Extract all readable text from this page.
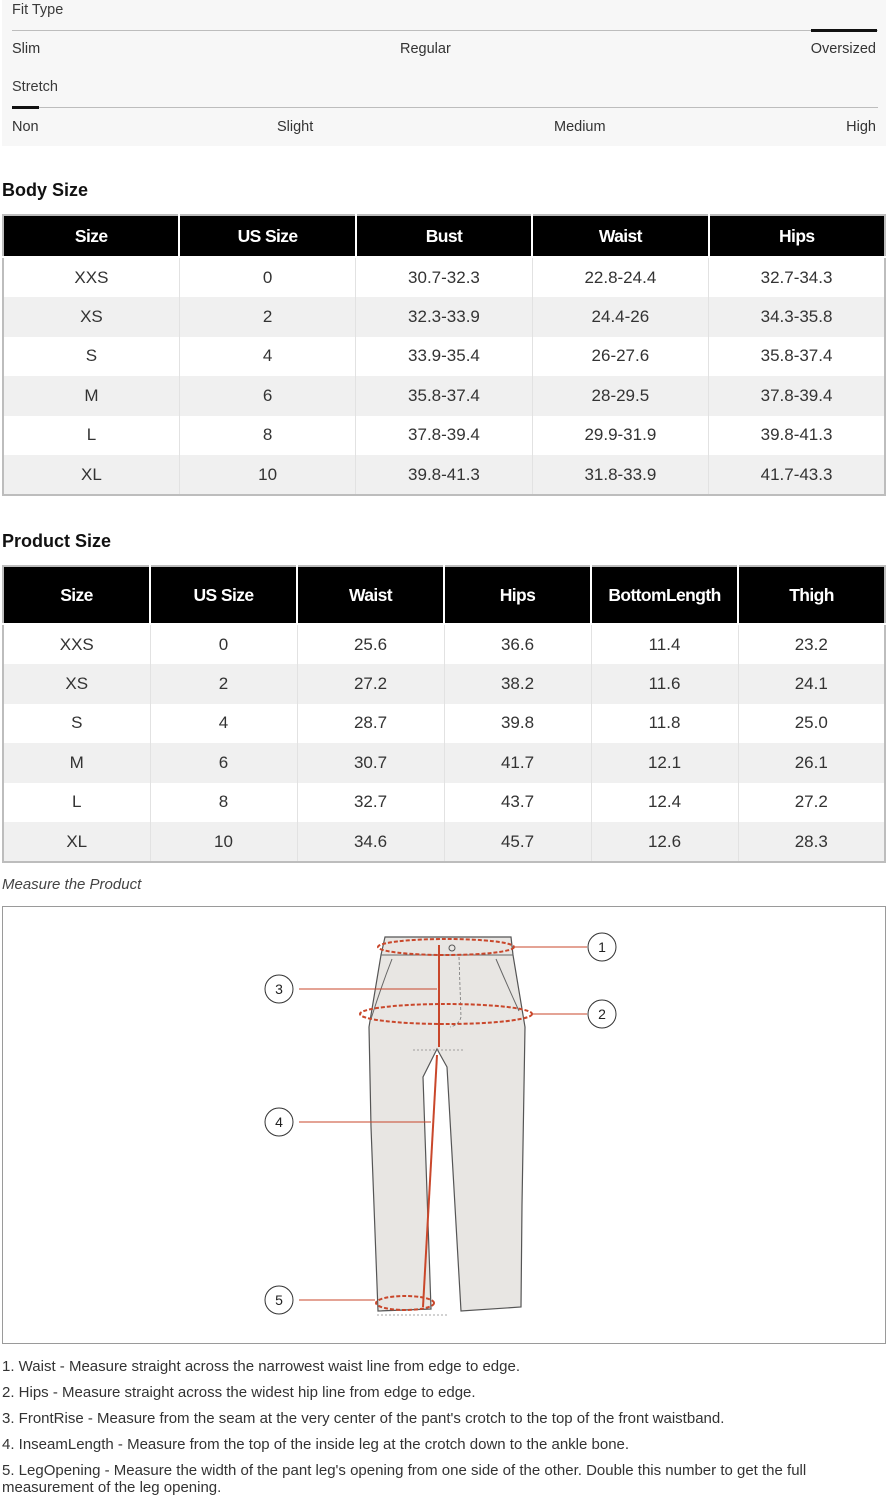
Fit Type
Slim	Regular	Oversized
Stretch
Non	Slight	Medium	High
Body Size
Size	US Size	Bust	Waist	Hips
XXS	0	30.7-32.3	22.8-24.4	32.7-34.3
XS	2	32.3-33.9	24.4-26	34.3-35.8
S	4	33.9-35.4	26-27.6	35.8-37.4
M	6	35.8-37.4	28-29.5	37.8-39.4
L	8	37.8-39.4	29.9-31.9	39.8-41.3
XL	10	39.8-41.3	31.8-33.9	41.7-43.3
Product Size
Size	US Size	Waist	Hips	BottomLength	Thigh
XXS	0	25.6	36.6	11.4	23.2
XS	2	27.2	38.2	11.6	24.1
S	4	28.7	39.8	11.8	25.0
M	6	30.7	41.7	12.1	26.1
L	8	32.7	43.7	12.4	27.2
XL	10	34.6	45.7	12.6	28.3
Measure the Product
1
2
3
4
5
1. Waist - Measure straight across the narrowest waist line from edge to edge.
2. Hips - Measure straight across the widest hip line from edge to edge.
3. FrontRise - Measure from the seam at the very center of the pant's crotch to the top of the front waistband.
4. InseamLength - Measure from the top of the inside leg at the crotch down to the ankle bone.
5. LegOpening - Measure the width of the pant leg's opening from one side of the other. Double this number to get the full measurement of the leg opening.
